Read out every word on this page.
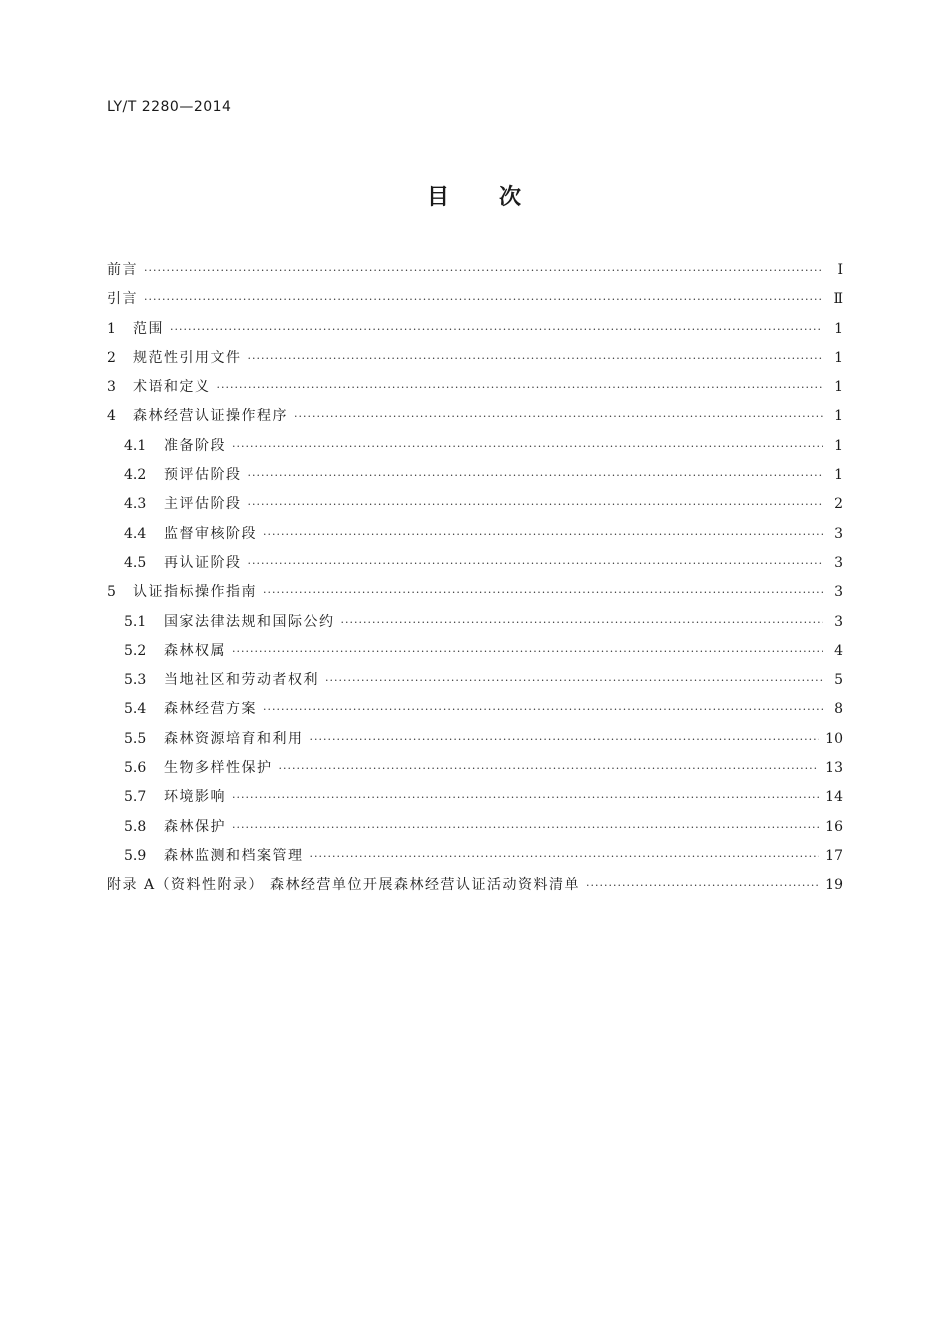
LY/T 2280—2014
目 次
前言 ·····	Ⅰ
引言 ·····	Ⅱ
1	范围 ·····	1
2	规范性引用文件 ·····	1
3	术语和定义 ·····	1
4	森林经营认证操作程序 ·····	1
4.1	准备阶段 ·····	1
4.2	预评估阶段 ·····	1
4.3	主评估阶段 ·····	2
4.4	监督审核阶段 ·····	3
4.5	再认证阶段 ·····	3
5	认证指标操作指南 ·····	3
5.1	国家法律法规和国际公约 ·····	3
5.2	森林权属 ·····	4
5.3	当地社区和劳动者权利 ·····	5
5.4	森林经营方案 ·····	8
5.5	森林资源培育和利用 ·····	10
5.6	生物多样性保护 ·····	13
5.7	环境影响 ·····	14
5.8	森林保护 ·····	16
5.9	森林监测和档案管理 ·····	17
附录 A（资料性附录） 森林经营单位开展森林经营认证活动资料清单 ·····	19
